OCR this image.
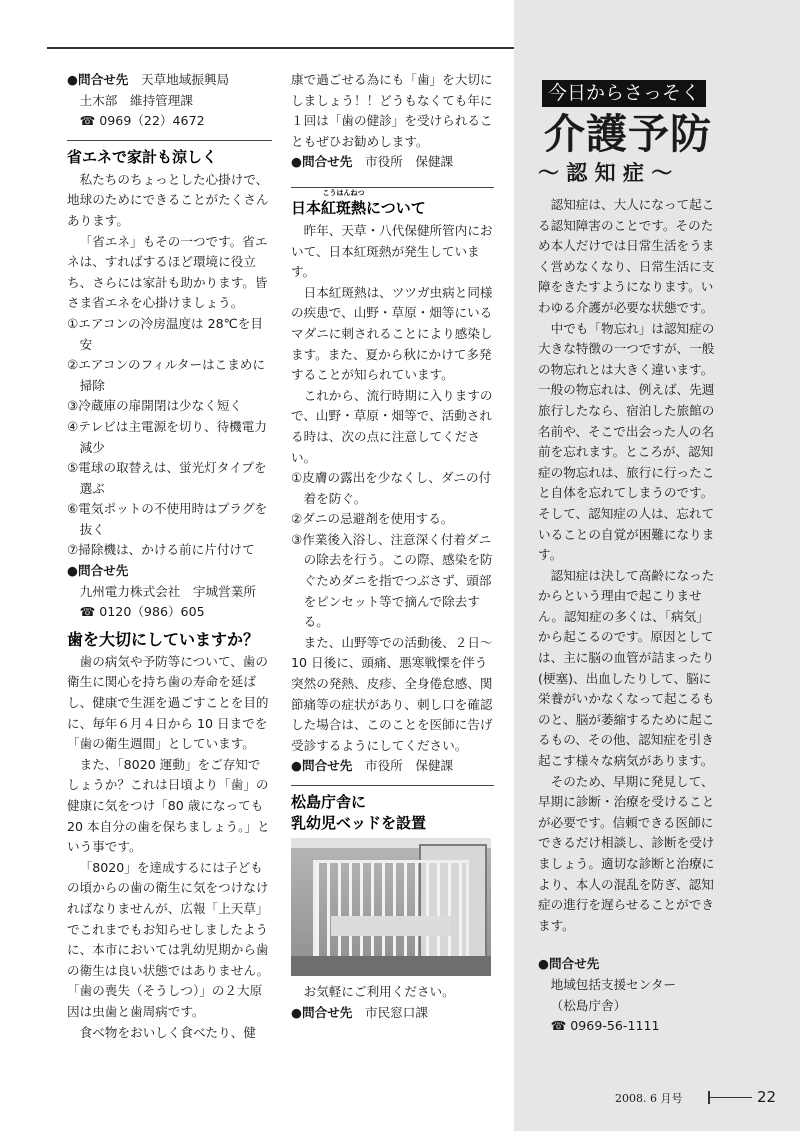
●問合せ先　 天草地域振興局

土木部　維持管理課

☎ 0969（22）4672

省エネで家計も涼しく

私たちのちょっとした心掛けで、地球のためにできることがたくさんあります。

「省エネ」もその一つです。省エネは、すればするほど環境に役立ち、さらには家計も助かります。皆さま省エネを心掛けましょう。

①エアコンの冷房温度は 28℃を目安

②エアコンのフィルターはこまめに掃除

③冷蔵庫の扉開閉は少なく短く

④テレビは主電源を切り、待機電力減少

⑤電球の取替えは、蛍光灯タイプを選ぶ

⑥電気ポットの不使用時はプラグを抜く

⑦掃除機は、かける前に片付けて

●問合せ先

九州電力株式会社　宇城営業所

☎ 0120（986）605

歯を大切にしていますか？

歯の病気や予防等について、歯の衛生に関心を持ち歯の寿命を延ばし、健康で生涯を過ごすことを目的に、毎年６月４日から 10 日までを「歯の衛生週間」としています。

また、「8020 運動」をご存知でしょうか？これは日頃より「歯」の健康に気をつけ「80 歳になっても 20 本自分の歯を保ちましょう。」という事です。

「8020」を達成するには子どもの頃からの歯の衛生に気をつけなければなりませんが、広報「上天草」でこれまでもお知らせしましたように、本市においては乳幼児期から歯の衛生は良い状態ではありません。

「歯の喪失（そうしつ）」の２大原因は虫歯と歯周病です。

食べ物をおいしく食べたり、健

康で過ごせる為にも「歯」を大切にしましょう！！どうもなくても年に１回は「歯の健診」を受けられることもぜひお勧めします。

●問合せ先　 市役所　保健課

日本
こうはんねつ
紅斑熱について

昨年、天草・八代保健所管内において、日本紅斑熱が発生しています。

日本紅斑熱は、ツツガ虫病と同様の疾患で、山野・草原・畑等にいるマダニに刺されることにより感染します。また、夏から秋にかけて多発することが知られています。

これから、流行時期に入りますので、山野・草原・畑等で、活動される時は、次の点に注意してください。

①皮膚の露出を少なくし、ダニの付着を防ぐ。

②ダニの忌避剤を使用する。

③作業後入浴し、注意深く付着ダニの除去を行う。この際、感染を防ぐためダニを指でつぶさず、頭部をピンセット等で摘んで除去する。

また、山野等での活動後、２日～ 10 日後に、頭痛、悪寒戦慄を伴う突然の発熱、皮疹、全身倦怠感、関節痛等の症状があり、刺し口を確認した場合は、このことを医師に告げ受診するようにしてください。

●問合せ先　 市役所　保健課

松島庁舎に
乳幼児ベッドを設置

お気軽にご利用ください。

●問合せ先　 市民窓口課

今日からさっそく
介護予防
～ 認 知 症 ～

認知症は、大人になって起こる認知障害のことです。そのため本人だけでは日常生活をうまく営めなくなり、日常生活に支障をきたすようになります。いわゆる介護が必要な状態です。

中でも「物忘れ」は認知症の大きな特徴の一つですが、一般の物忘れとは大きく違います。一般の物忘れは、例えば、先週旅行したなら、宿泊した旅館の名前や、そこで出会った人の名前を忘れます。ところが、認知症の物忘れは、旅行に行ったこと自体を忘れてしまうのです。そして、認知症の人は、忘れていることの自覚が困難になります。

認知症は決して高齢になったからという理由で起こりません。認知症の多くは、「病気」から起こるのです。原因としては、主に脳の血管が詰まったり(梗塞)、出血したりして、脳に栄養がいかなくなって起こるものと、脳が萎縮するために起こるもの、その他、認知症を引き起こす様々な病気があります。

そのため、早期に発見して、早期に診断・治療を受けることが必要です。信頼できる医師にできるだけ相談し、診断を受けましょう。適切な診断と治療により、本人の混乱を防ぎ、認知症の進行を遅らせることができます。

●問合せ先

地域包括支援センター

（松島庁舎）

☎ 0969-56-1111

2008. 6 月号	22
